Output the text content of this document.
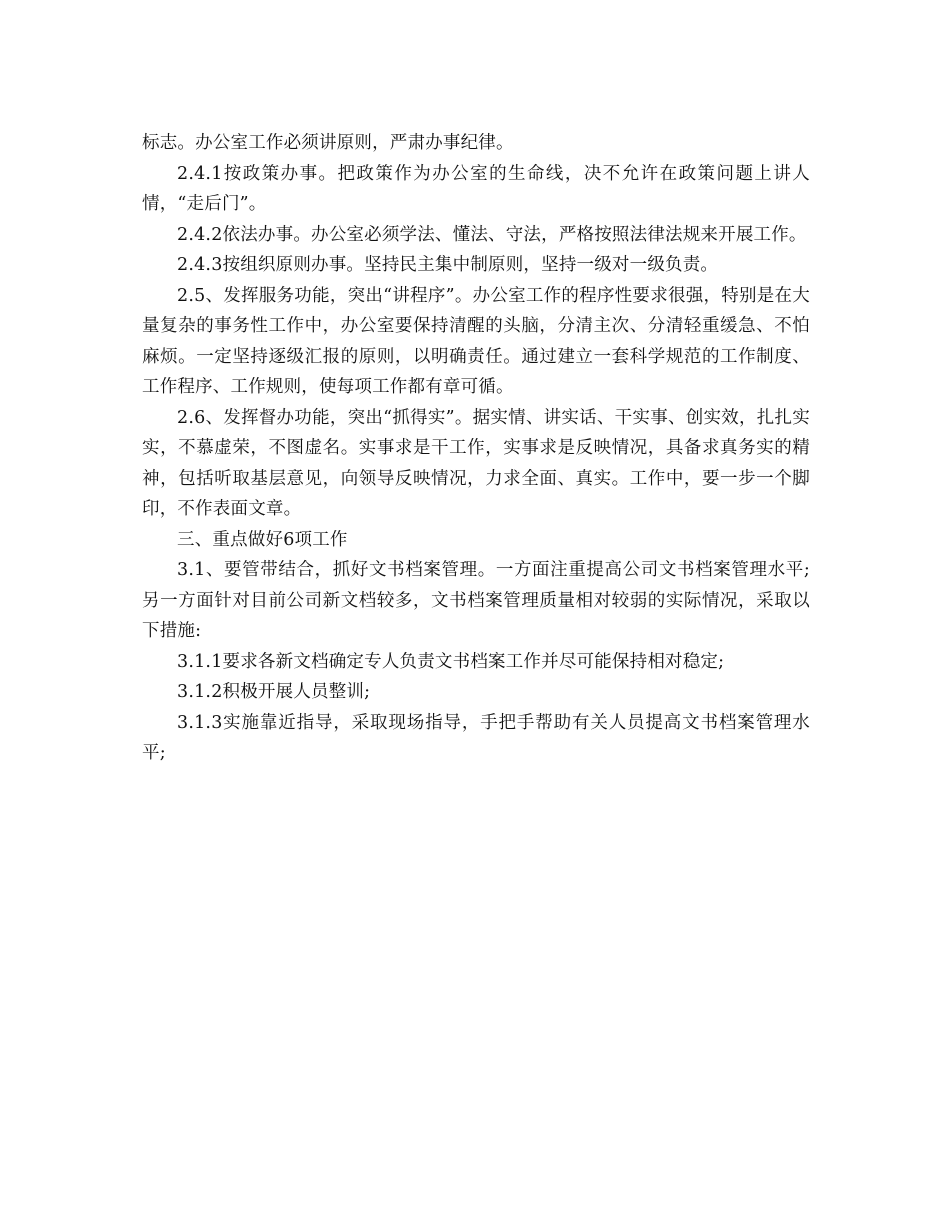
标志。办公室工作必须讲原则，严肃办事纪律。

2.4.1按政策办事。把政策作为办公室的生命线，决不允许在政策问题上讲人情，“走后门”。

2.4.2依法办事。办公室必须学法、懂法、守法，严格按照法律法规来开展工作。

2.4.3按组织原则办事。坚持民主集中制原则，坚持一级对一级负责。

2.5、发挥服务功能，突出“讲程序”。办公室工作的程序性要求很强，特别是在大量复杂的事务性工作中，办公室要保持清醒的头脑，分清主次、分清轻重缓急、不怕麻烦。一定坚持逐级汇报的原则，以明确责任。通过建立一套科学规范的工作制度、工作程序、工作规则，使每项工作都有章可循。

2.6、发挥督办功能，突出“抓得实”。据实情、讲实话、干实事、创实效，扎扎实实，不慕虚荣，不图虚名。实事求是干工作，实事求是反映情况，具备求真务实的精神，包括听取基层意见，向领导反映情况，力求全面、真实。工作中，要一步一个脚印，不作表面文章。

三、重点做好6项工作

3.1、要管带结合，抓好文书档案管理。一方面注重提高公司文书档案管理水平;另一方面针对目前公司新文档较多，文书档案管理质量相对较弱的实际情况，采取以下措施:

3.1.1要求各新文档确定专人负责文书档案工作并尽可能保持相对稳定;

3.1.2积极开展人员整训;

3.1.3实施靠近指导，采取现场指导，手把手帮助有关人员提高文书档案管理水平;
